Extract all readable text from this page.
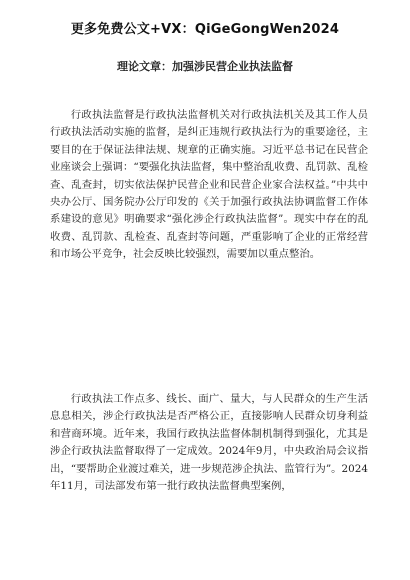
更多免费公文+VX：QiGeGongWen2024
理论文章：加强涉民营企业执法监督

行政执法监督是行政执法监督机关对行政执法机关及其工作人员行政执法活动实施的监督，是纠正违规行政执法行为的重要途径，主要目的在于保证法律法规、规章的正确实施。习近平总书记在民营企业座谈会上强调：“要强化执法监督，集中整治乱收费、乱罚款、乱检查、乱查封，切实依法保护民营企业和民营企业家合法权益。”中共中央办公厅、国务院办公厅印发的《关于加强行政执法协调监督工作体系建设的意见》明确要求“强化涉企行政执法监督”。现实中存在的乱收费、乱罚款、乱检查、乱查封等问题，严重影响了企业的正常经营和市场公平竞争，社会反映比较强烈，需要加以重点整治。

行政执法工作点多、线长、面广、量大，与人民群众的生产生活息息相关，涉企行政执法是否严格公正，直接影响人民群众切身利益和营商环境。近年来，我国行政执法监督体制机制得到强化，尤其是涉企行政执法监督取得了一定成效。2024年9月，中央政治局会议指出，“要帮助企业渡过难关，进一步规范涉企执法、监管行为”。2024年11月，司法部发布第一批行政执法监督典型案例，
